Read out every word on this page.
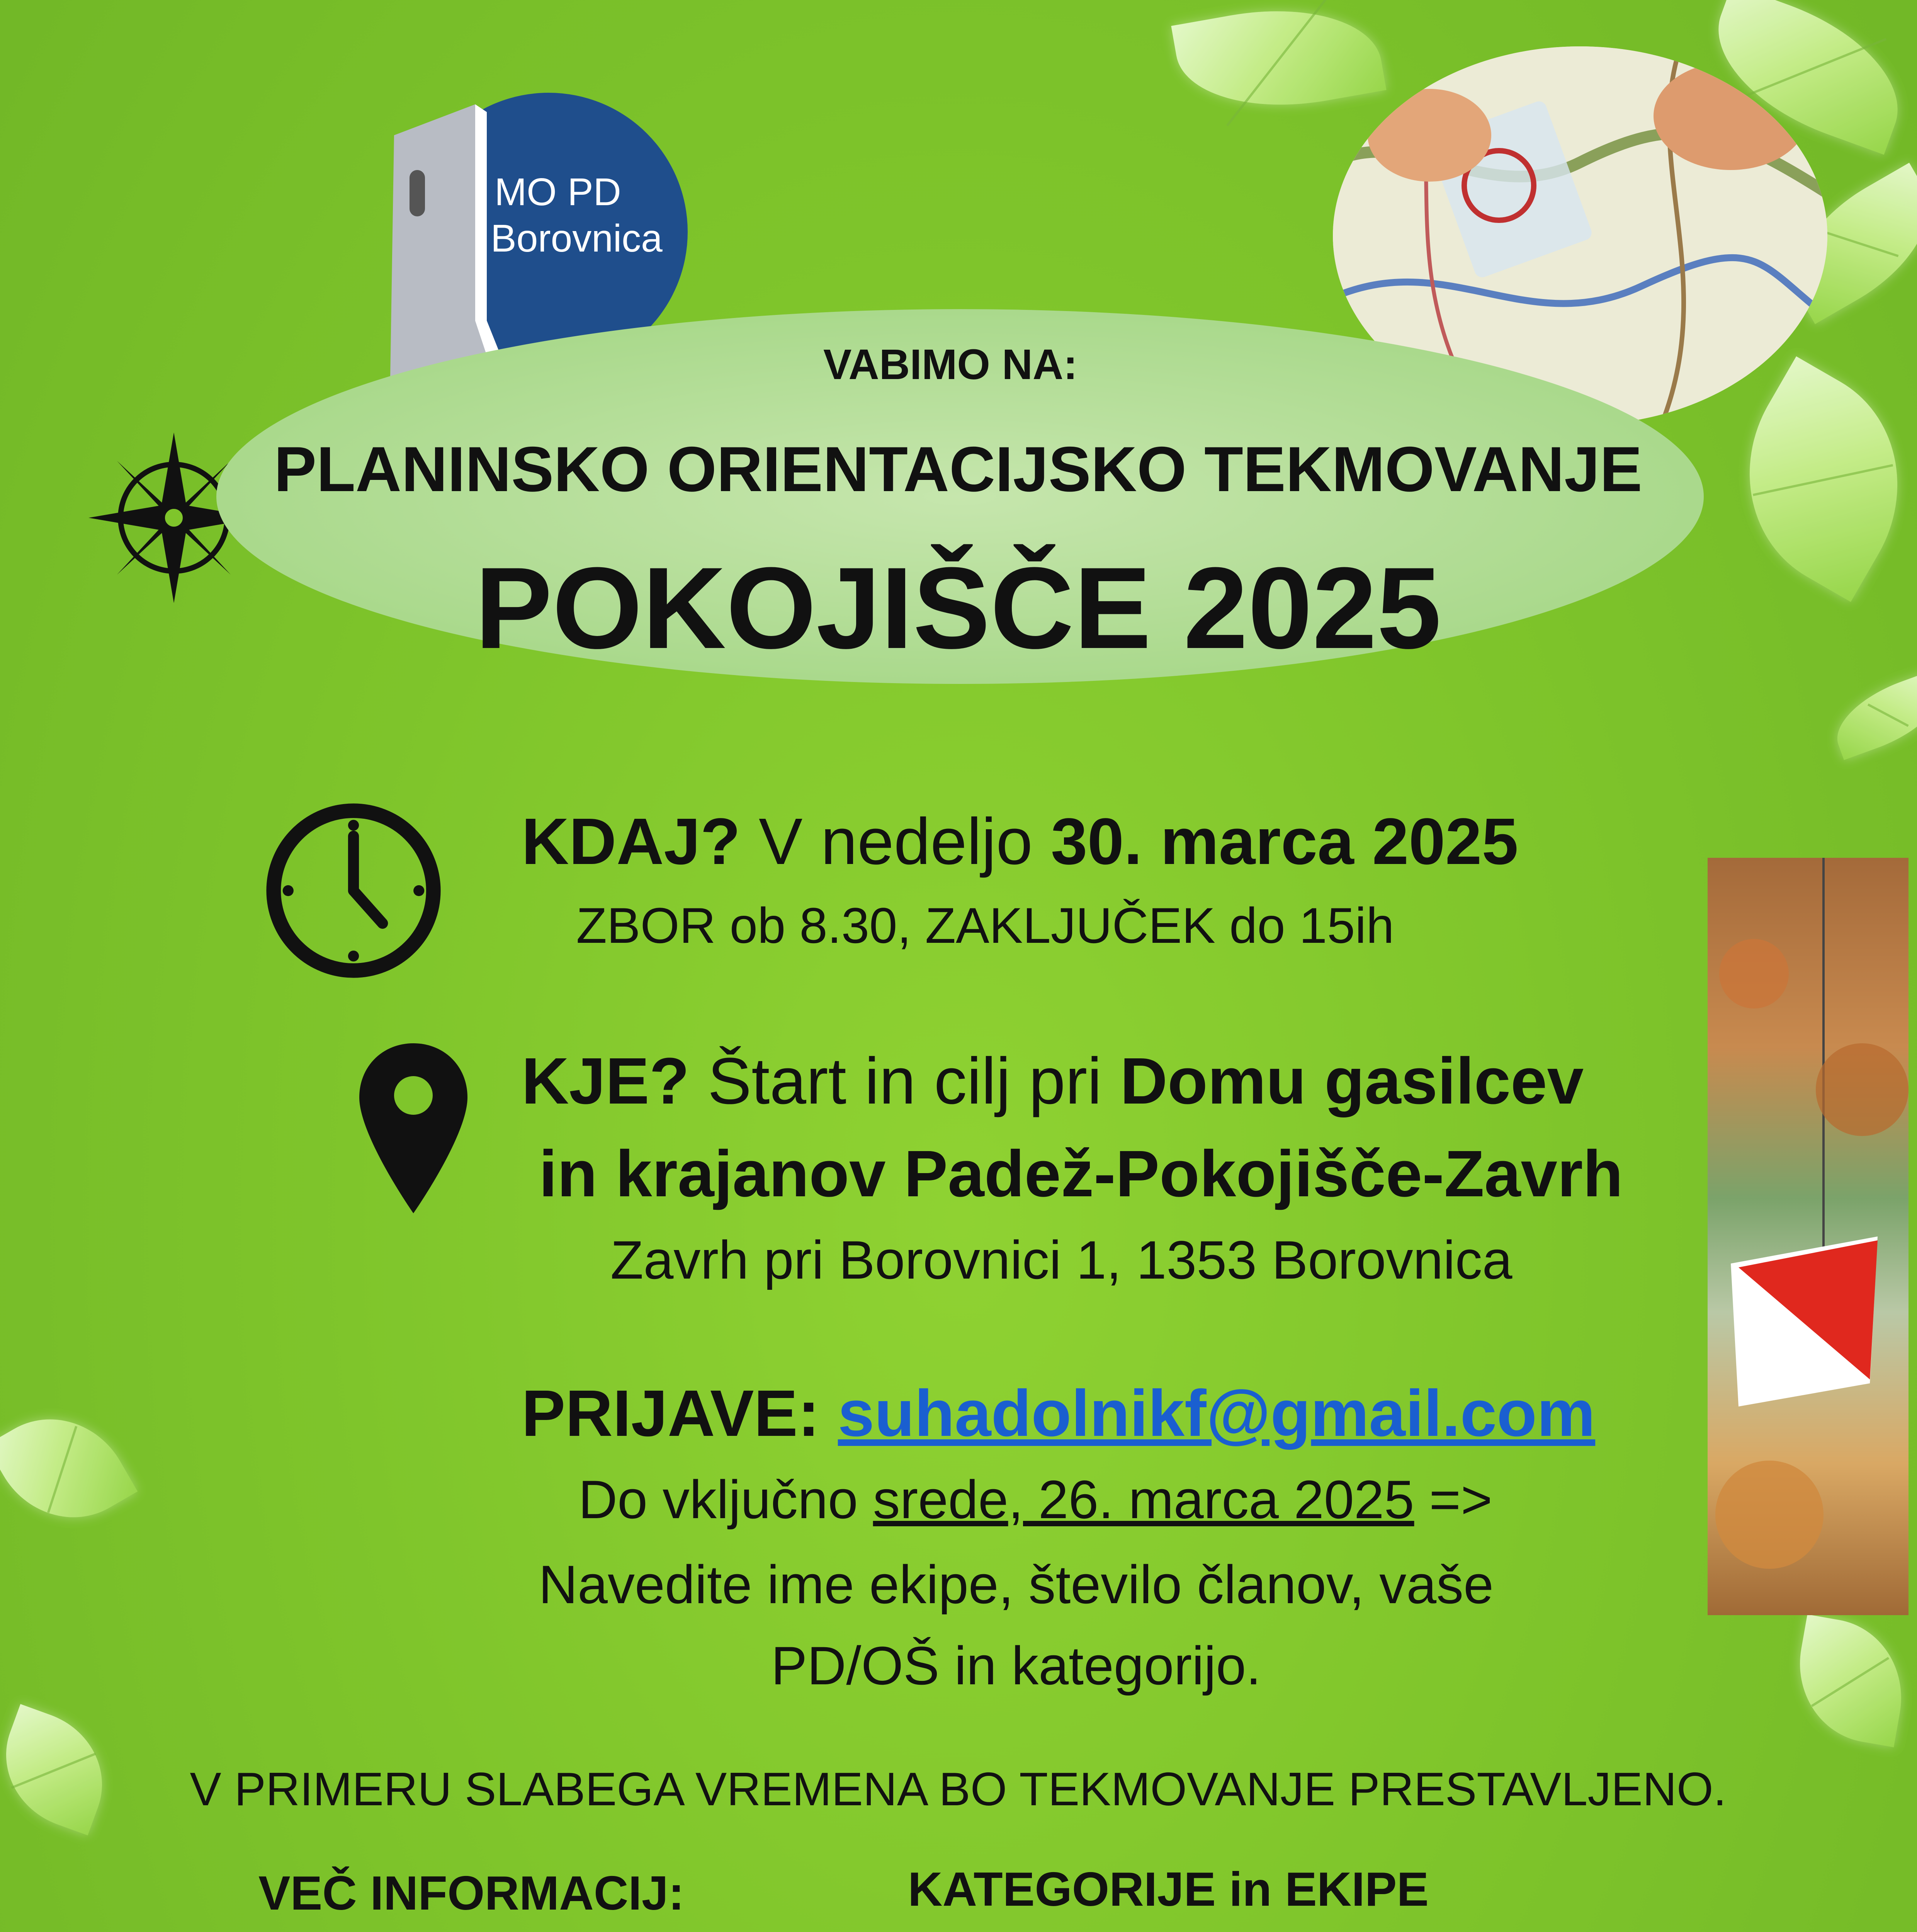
MO PD
Borovnica
VABIMO NA:
PLANINSKO ORIENTACIJSKO TEKMOVANJE
POKOJIŠČE 2025
KDAJ? V nedeljo 30. marca 2025
ZBOR ob 8.30, ZAKLJUČEK do 15ih
KJE? Štart in cilj pri Domu gasilcev
in krajanov Padež-Pokojišče-Zavrh
Zavrh pri Borovnici 1, 1353 Borovnica	SILVA
PRIJAVE: suhadolnikf@gmail.com
Do vključno srede, 26. marca 2025 =>
Navedite ime ekipe, število članov, vaše
PD/OŠ in kategorijo.
V PRIMERU SLABEGA VREMENA BO TEKMOVANJE PRESTAVLJENO.
VEČ INFORMACIJ:	KATEGORIJE in EKIPE
